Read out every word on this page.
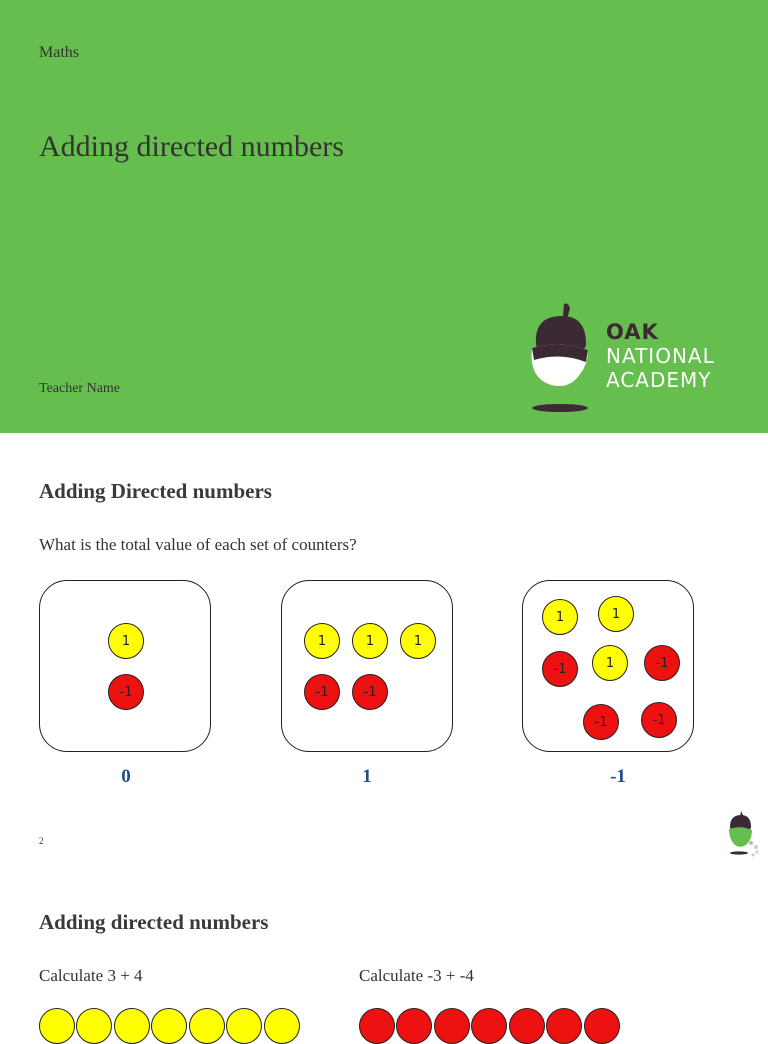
Maths
Adding directed numbers
Teacher Name
OAK
NATIONAL
ACADEMY
Adding Directed numbers
What is the total value of each set of counters?
1
-1
0
1	1	1
-1	-1
1
1	1
-1	1	-1
-1	-1
-1
2
Adding directed numbers
Calculate 3 + 4	Calculate -3 + -4
